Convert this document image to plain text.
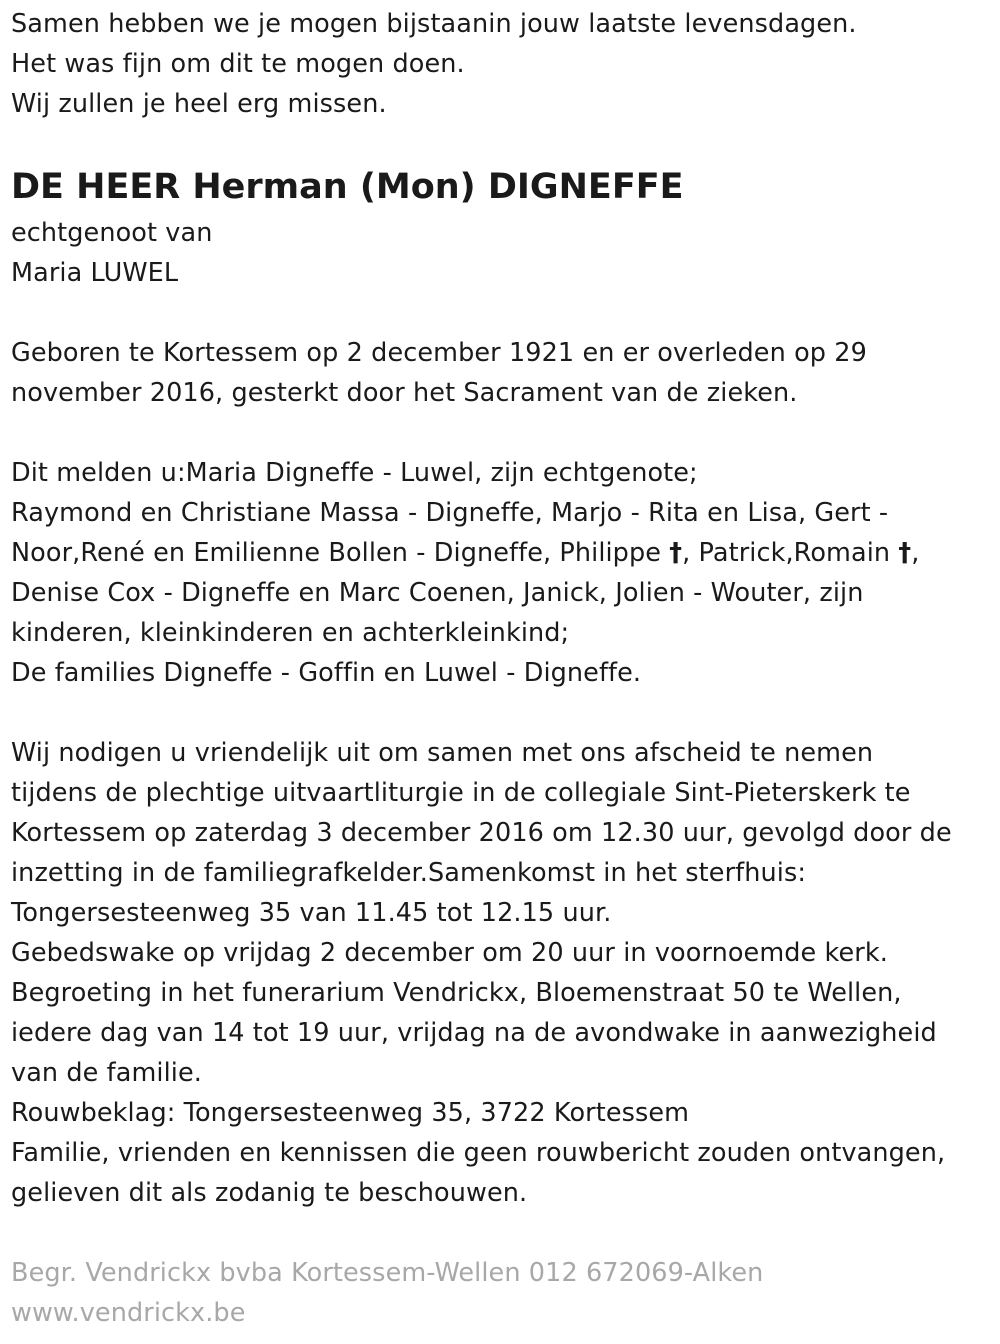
Samen hebben we je mogen bijstaanin jouw laatste levensdagen.
Het was fijn om dit te mogen doen.
Wij zullen je heel erg missen.
DE HEER Herman (Mon) DIGNEFFE
echtgenoot van
Maria LUWEL
Geboren te Kortessem op 2 december 1921 en er overleden op 29
november 2016, gesterkt door het Sacrament van de zieken.
Dit melden u:Maria Digneffe - Luwel, zijn echtgenote;
Raymond en Christiane Massa - Digneffe, Marjo - Rita en Lisa, Gert -
Noor,René en Emilienne Bollen - Digneffe, Philippe †, Patrick,Romain †,
Denise Cox - Digneffe en Marc Coenen, Janick, Jolien - Wouter, zijn
kinderen, kleinkinderen en achterkleinkind;
De families Digneffe - Goffin en Luwel - Digneffe.
Wij nodigen u vriendelijk uit om samen met ons afscheid te nemen
tijdens de plechtige uitvaartliturgie in de collegiale Sint-Pieterskerk te
Kortessem op zaterdag 3 december 2016 om 12.30 uur, gevolgd door de
inzetting in de familiegrafkelder.Samenkomst in het sterfhuis:
Tongersesteenweg 35 van 11.45 tot 12.15 uur.
Gebedswake op vrijdag 2 december om 20 uur in voornoemde kerk.
Begroeting in het funerarium Vendrickx, Bloemenstraat 50 te Wellen,
iedere dag van 14 tot 19 uur, vrijdag na de avondwake in aanwezigheid
van de familie.
Rouwbeklag: Tongersesteenweg 35, 3722 Kortessem
Familie, vrienden en kennissen die geen rouwbericht zouden ontvangen,
gelieven dit als zodanig te beschouwen.
Begr. Vendrickx bvba Kortessem-Wellen 012 672069-Alken
www.vendrickx.be
